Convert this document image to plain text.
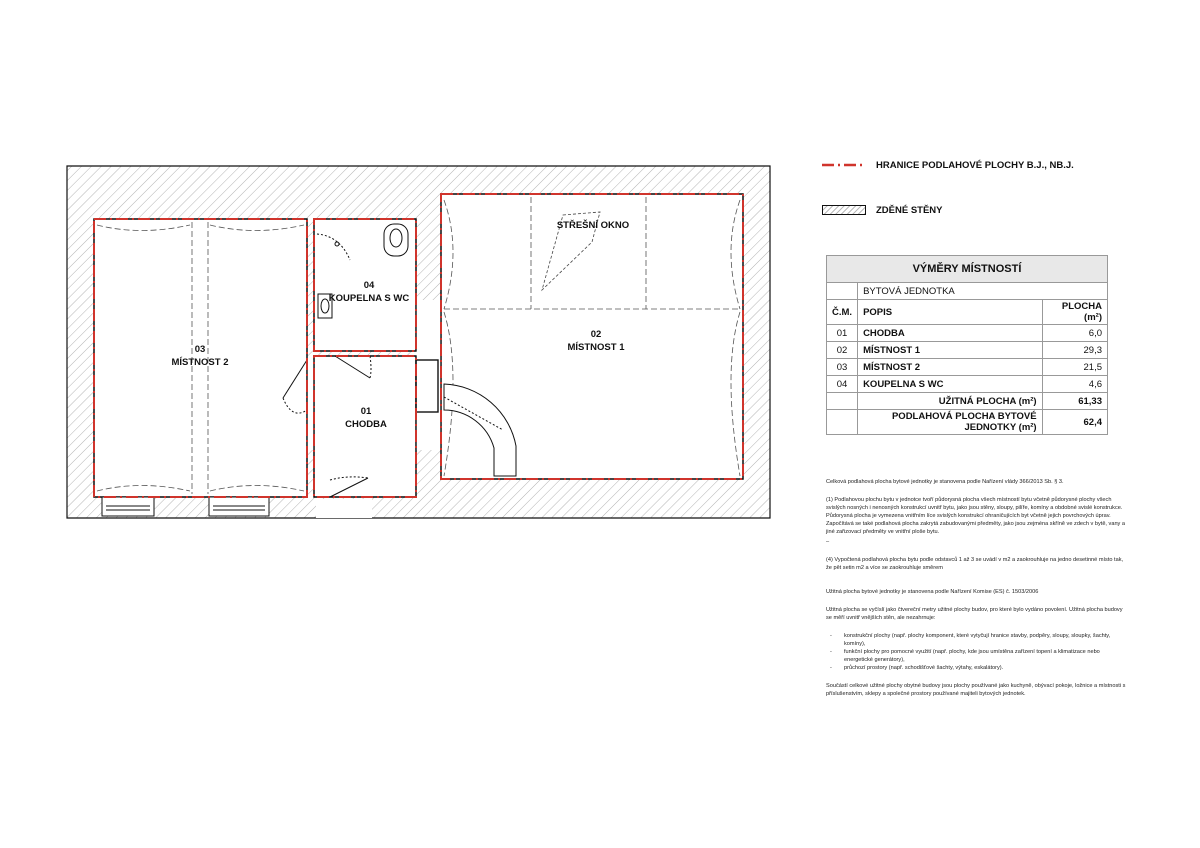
03
MÍSTNOST 2
04
KOUPELNA S WC
01
CHODBA
02
MÍSTNOST 1
STŘEŠNÍ OKNO
HRANICE PODLAHOVÉ PLOCHY B.J., NB.J.
ZDĚNÉ STĚNY
VÝMĚRY MÍSTNOSTÍ		
	BYTOVÁ JEDNOTKA	
Č.M.	POPIS	PLOCHA (m²)
01	CHODBA	6,0
02	MÍSTNOST 1	29,3
03	MÍSTNOST 2	21,5
04	KOUPELNA S WC	4,6
	UŽITNÁ PLOCHA (m²)	61,33
	PODLAHOVÁ PLOCHA BYTOVÉ JEDNOTKY (m²)	62,4

Celková podlahová plocha bytové jednotky je stanovena podle Nařízení vlády 366/2013 Sb. § 3.

(1) Podlahovou plochu bytu v jednotce tvoří půdorysná plocha všech místností bytu včetně půdorysné plochy všech svislých nosných i nenosných konstrukcí uvnitř bytu, jako jsou stěny, sloupy, pilíře, komíny a obdobné svislé konstrukce. Půdorysná plocha je vymezena vnitřním líce svislých konstrukcí ohraničujících byt včetně jejich povrchových úprav. Započítává se také podlahová plocha zakrytá zabudovanými předměty, jako jsou zejména skříně ve zdech v bytě, vany a jiné zařizovací předměty ve vnitřní ploše bytu.

–

(4) Vypočtená podlahová plocha bytu podle odstavců 1 až 3 se uvádí v m2 a zaokrouhluje na jedno desetinné místo tak, že pět setin m2 a více se zaokrouhluje směrem

Užitná plocha bytové jednotky je stanovena podle Nařízení Komise (ES) č. 1503/2006

Užitná plocha se vyčíslí jako čtvereční metry užitné plochy budov, pro které bylo vydáno povolení. Užitná plocha budovy se měří uvnitř vnějších stěn, ale nezahrnuje:

- konstrukční plochy (např. plochy komponent, které vytyčují hranice stavby, podpěry, sloupy, sloupky, šachty, komíny),
- funkční plochy pro pomocné využití (např. plochy, kde jsou umístěna zařízení topení a klimatizace nebo energetické generátory),
- průchozí prostory (např. schodišťové šachty, výtahy, eskalátory).

Součástí celkové užitné plochy obytné budovy jsou plochy používané jako kuchyně, obývací pokoje, ložnice a místnosti s příslušenstvím, sklepy a společné prostory používané majiteli bytových jednotek.
